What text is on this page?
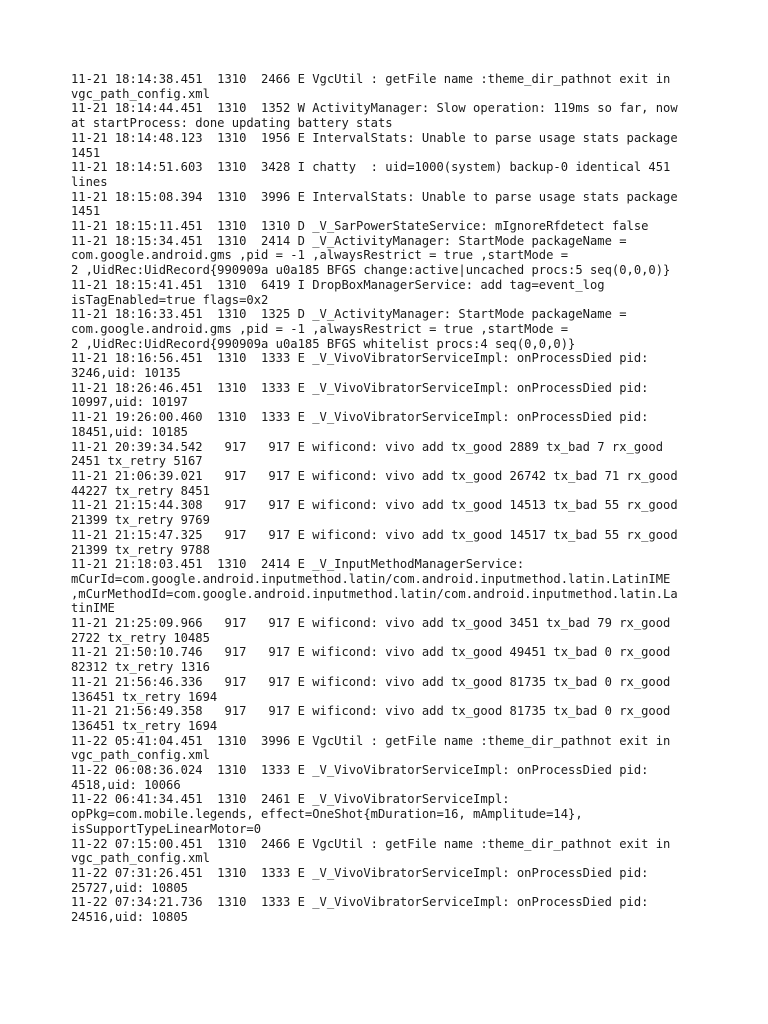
11-21 18:14:38.451  1310  2466 E VgcUtil : getFile name :theme_dir_pathnot exit in
vgc_path_config.xml
11-21 18:14:44.451  1310  1352 W ActivityManager: Slow operation: 119ms so far, now
at startProcess: done updating battery stats
11-21 18:14:48.123  1310  1956 E IntervalStats: Unable to parse usage stats package
1451
11-21 18:14:51.603  1310  3428 I chatty  : uid=1000(system) backup-0 identical 451
lines
11-21 18:15:08.394  1310  3996 E IntervalStats: Unable to parse usage stats package
1451
11-21 18:15:11.451  1310  1310 D _V_SarPowerStateService: mIgnoreRfdetect false
11-21 18:15:34.451  1310  2414 D _V_ActivityManager: StartMode packageName =
com.google.android.gms ,pid = -1 ,alwaysRestrict = true ,startMode =
2 ,UidRec:UidRecord{990909a u0a185 BFGS change:active|uncached procs:5 seq(0,0,0)}
11-21 18:15:41.451  1310  6419 I DropBoxManagerService: add tag=event_log
isTagEnabled=true flags=0x2
11-21 18:16:33.451  1310  1325 D _V_ActivityManager: StartMode packageName =
com.google.android.gms ,pid = -1 ,alwaysRestrict = true ,startMode =
2 ,UidRec:UidRecord{990909a u0a185 BFGS whitelist procs:4 seq(0,0,0)}
11-21 18:16:56.451  1310  1333 E _V_VivoVibratorServiceImpl: onProcessDied pid:
3246,uid: 10135
11-21 18:26:46.451  1310  1333 E _V_VivoVibratorServiceImpl: onProcessDied pid:
10997,uid: 10197
11-21 19:26:00.460  1310  1333 E _V_VivoVibratorServiceImpl: onProcessDied pid:
18451,uid: 10185
11-21 20:39:34.542   917   917 E wificond: vivo add tx_good 2889 tx_bad 7 rx_good
2451 tx_retry 5167
11-21 21:06:39.021   917   917 E wificond: vivo add tx_good 26742 tx_bad 71 rx_good
44227 tx_retry 8451
11-21 21:15:44.308   917   917 E wificond: vivo add tx_good 14513 tx_bad 55 rx_good
21399 tx_retry 9769
11-21 21:15:47.325   917   917 E wificond: vivo add tx_good 14517 tx_bad 55 rx_good
21399 tx_retry 9788
11-21 21:18:03.451  1310  2414 E _V_InputMethodManagerService:
mCurId=com.google.android.inputmethod.latin/com.android.inputmethod.latin.LatinIME
,mCurMethodId=com.google.android.inputmethod.latin/com.android.inputmethod.latin.La
tinIME
11-21 21:25:09.966   917   917 E wificond: vivo add tx_good 3451 tx_bad 79 rx_good
2722 tx_retry 10485
11-21 21:50:10.746   917   917 E wificond: vivo add tx_good 49451 tx_bad 0 rx_good
82312 tx_retry 1316
11-21 21:56:46.336   917   917 E wificond: vivo add tx_good 81735 tx_bad 0 rx_good
136451 tx_retry 1694
11-21 21:56:49.358   917   917 E wificond: vivo add tx_good 81735 tx_bad 0 rx_good
136451 tx_retry 1694
11-22 05:41:04.451  1310  3996 E VgcUtil : getFile name :theme_dir_pathnot exit in
vgc_path_config.xml
11-22 06:08:36.024  1310  1333 E _V_VivoVibratorServiceImpl: onProcessDied pid:
4518,uid: 10066
11-22 06:41:34.451  1310  2461 E _V_VivoVibratorServiceImpl:
opPkg=com.mobile.legends, effect=OneShot{mDuration=16, mAmplitude=14},
isSupportTypeLinearMotor=0
11-22 07:15:00.451  1310  2466 E VgcUtil : getFile name :theme_dir_pathnot exit in
vgc_path_config.xml
11-22 07:31:26.451  1310  1333 E _V_VivoVibratorServiceImpl: onProcessDied pid:
25727,uid: 10805
11-22 07:34:21.736  1310  1333 E _V_VivoVibratorServiceImpl: onProcessDied pid:
24516,uid: 10805
